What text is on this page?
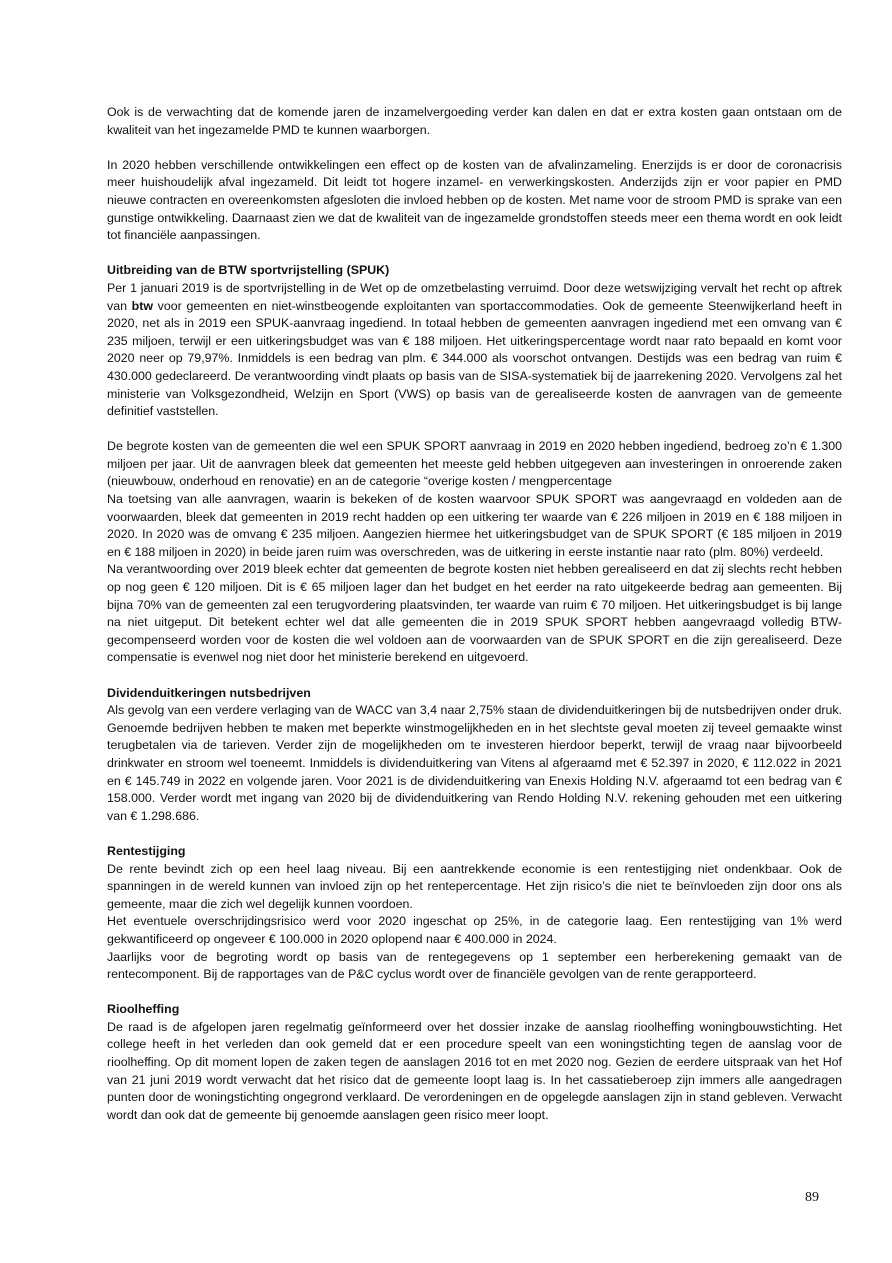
Ook is de verwachting dat de komende jaren de inzamelvergoeding verder kan dalen en dat er extra kosten gaan ontstaan om de kwaliteit van het ingezamelde PMD te kunnen waarborgen.

In 2020 hebben verschillende ontwikkelingen een effect op de kosten van de afvalinzameling. Enerzijds is er door de coronacrisis meer huishoudelijk afval ingezameld. Dit leidt tot hogere inzamel- en verwerkingskosten. Anderzijds zijn er voor papier en PMD nieuwe contracten en overeenkomsten afgesloten die invloed hebben op de kosten. Met name voor de stroom PMD is sprake van een gunstige ontwikkeling. Daarnaast zien we dat de kwaliteit van de ingezamelde grondstoffen steeds meer een thema wordt en ook leidt tot financiële aanpassingen.

Uitbreiding van de BTW sportvrijstelling (SPUK)

Per 1 januari 2019 is de sportvrijstelling in de Wet op de omzetbelasting verruimd. Door deze wetswijziging vervalt het recht op aftrek van btw voor gemeenten en niet-winstbeogende exploitanten van sportaccommodaties. Ook de gemeente Steenwijkerland heeft in 2020, net als in 2019 een SPUK-aanvraag ingediend. In totaal hebben de gemeenten aanvragen ingediend met een omvang van € 235 miljoen, terwijl er een uitkeringsbudget was van € 188 miljoen. Het uitkeringspercentage wordt naar rato bepaald en komt voor 2020 neer op 79,97%. Inmiddels is een bedrag van plm. € 344.000 als voorschot ontvangen. Destijds was een bedrag van ruim € 430.000 gedeclareerd. De verantwoording vindt plaats op basis van de SISA-systematiek bij de jaarrekening 2020. Vervolgens zal het ministerie van Volksgezondheid, Welzijn en Sport (VWS) op basis van de gerealiseerde kosten de aanvragen van de gemeente definitief vaststellen.

De begrote kosten van de gemeenten die wel een SPUK SPORT aanvraag in 2019 en 2020 hebben ingediend, bedroeg zo’n € 1.300 miljoen per jaar. Uit de aanvragen bleek dat gemeenten het meeste geld hebben uitgegeven aan investeringen in onroerende zaken (nieuwbouw, onderhoud en renovatie) en an de categorie “overige kosten / mengpercentage

Na toetsing van alle aanvragen, waarin is bekeken of de kosten waarvoor SPUK SPORT was aangevraagd en voldeden aan de voorwaarden, bleek dat gemeenten in 2019 recht hadden op een uitkering ter waarde van € 226 miljoen in 2019 en € 188 miljoen in 2020. In 2020 was de omvang € 235 miljoen. Aangezien hiermee het uitkeringsbudget van de SPUK SPORT (€ 185 miljoen in 2019 en € 188 miljoen in 2020) in beide jaren ruim was overschreden, was de uitkering in eerste instantie naar rato (plm. 80%) verdeeld.

Na verantwoording over 2019 bleek echter dat gemeenten de begrote kosten niet hebben gerealiseerd en dat zij slechts recht hebben op nog geen € 120 miljoen. Dit is € 65 miljoen lager dan het budget en het eerder na rato uitgekeerde bedrag aan gemeenten. Bij bijna 70% van de gemeenten zal een terugvordering plaatsvinden, ter waarde van ruim € 70 miljoen. Het uitkeringsbudget is bij lange na niet uitgeput. Dit betekent echter wel dat alle gemeenten die in 2019 SPUK SPORT hebben aangevraagd volledig BTW-gecompenseerd worden voor de kosten die wel voldoen aan de voorwaarden van de SPUK SPORT en die zijn gerealiseerd. Deze compensatie is evenwel nog niet door het ministerie berekend en uitgevoerd.

Dividenduitkeringen nutsbedrijven

Als gevolg van een verdere verlaging van de WACC van 3,4 naar 2,75% staan de dividenduitkeringen bij de nutsbedrijven onder druk. Genoemde bedrijven hebben te maken met beperkte winstmogelijkheden en in het slechtste geval moeten zij teveel gemaakte winst terugbetalen via de tarieven. Verder zijn de mogelijkheden om te investeren hierdoor beperkt, terwijl de vraag naar bijvoorbeeld drinkwater en stroom wel toeneemt. Inmiddels is dividenduitkering van Vitens al afgeraamd met € 52.397 in 2020, € 112.022 in 2021 en € 145.749 in 2022 en volgende jaren. Voor 2021 is de dividenduitkering van Enexis Holding N.V. afgeraamd tot een bedrag van € 158.000. Verder wordt met ingang van 2020 bij de dividenduitkering van Rendo Holding N.V. rekening gehouden met een uitkering van € 1.298.686.

Rentestijging

De rente bevindt zich op een heel laag niveau. Bij een aantrekkende economie is een rentestijging niet ondenkbaar. Ook de spanningen in de wereld kunnen van invloed zijn op het rentepercentage. Het zijn risico’s die niet te beïnvloeden zijn door ons als gemeente, maar die zich wel degelijk kunnen voordoen.

Het eventuele overschrijdingsrisico werd voor 2020 ingeschat op 25%, in de categorie laag. Een rentestijging van 1% werd gekwantificeerd op ongeveer € 100.000 in 2020 oplopend naar € 400.000 in 2024.

Jaarlijks voor de begroting wordt op basis van de rentegegevens op 1 september een herberekening gemaakt van de rentecomponent. Bij de rapportages van de P&C cyclus wordt over de financiële gevolgen van de rente gerapporteerd.

Rioolheffing

De raad is de afgelopen jaren regelmatig geïnformeerd over het dossier inzake de aanslag rioolheffing woningbouwstichting. Het college heeft in het verleden dan ook gemeld dat er een procedure speelt van een woningstichting tegen de aanslag voor de rioolheffing. Op dit moment lopen de zaken tegen de aanslagen 2016 tot en met 2020 nog. Gezien de eerdere uitspraak van het Hof van 21 juni 2019 wordt verwacht dat het risico dat de gemeente loopt laag is. In het cassatieberoep zijn immers alle aangedragen punten door de woningstichting ongegrond verklaard. De verordeningen en de opgelegde aanslagen zijn in stand gebleven. Verwacht wordt dan ook dat de gemeente bij genoemde aanslagen geen risico meer loopt.

89
